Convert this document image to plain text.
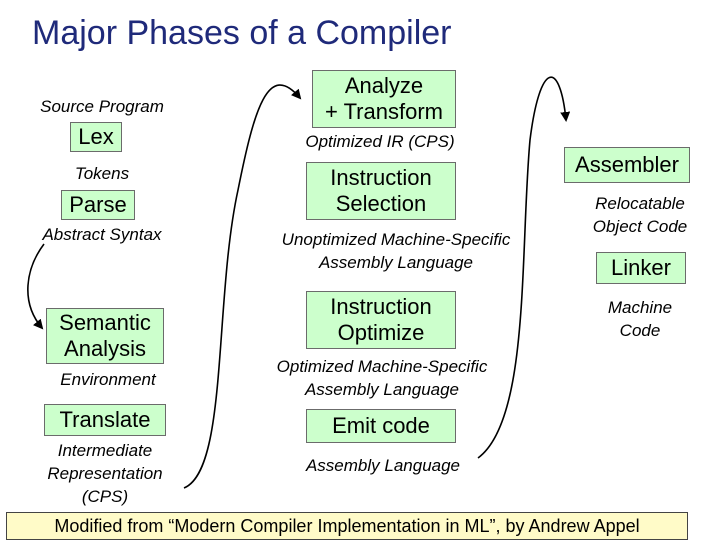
Major Phases of a Compiler
Source Program
Lex
Tokens
Parse
Abstract Syntax
Semantic
Analysis
Environment
Translate
Intermediate
Representation
(CPS)
Analyze
+ Transform
Optimized IR (CPS)
Instruction
Selection
Unoptimized Machine-Specific
Assembly Language
Instruction
Optimize
Optimized Machine-Specific
Assembly Language
Emit code
Assembly Language
Assembler
Relocatable
Object Code
Linker
Machine
Code
Modified from “Modern Compiler Implementation in ML”, by Andrew Appel
